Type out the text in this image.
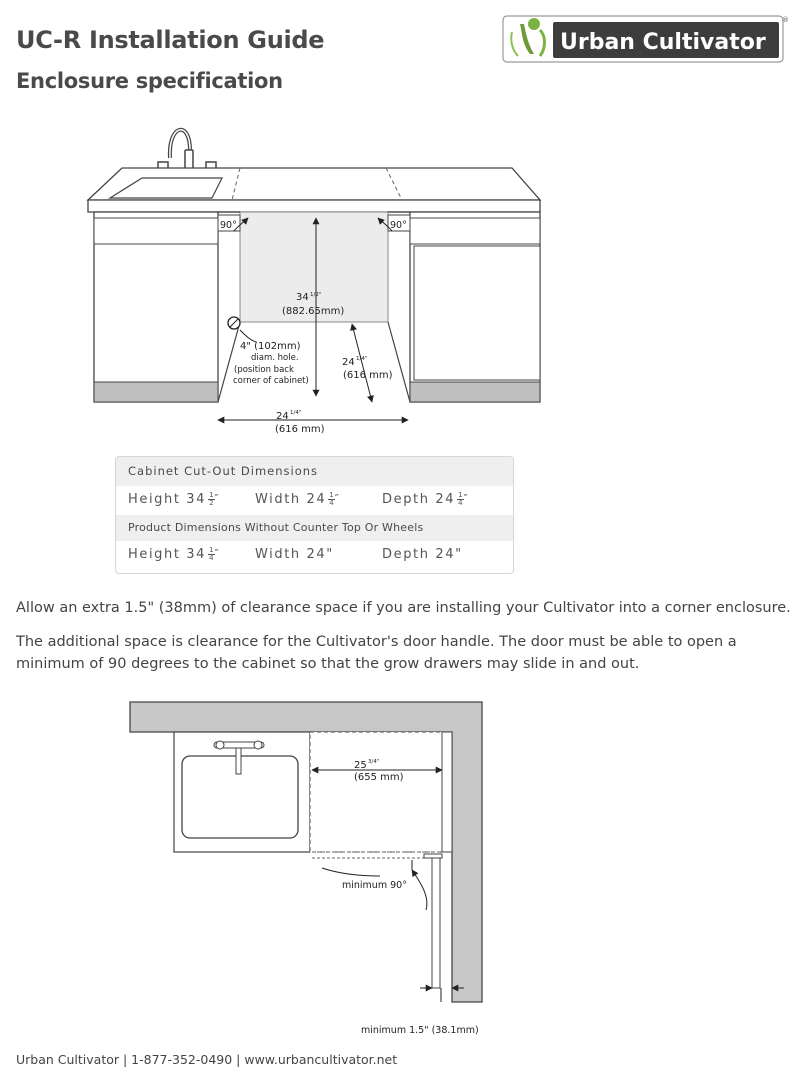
UC-R Installation Guide
Enclosure specification
Urban Cultivator
®
90°	90°
34 1/2"
(882.65mm)
4" (102mm)
diam. hole.
(position back
corner of cabinet)
24 1/4"
(616 mm)
24 1/4"
(616 mm)
Cabinet Cut-Out Dimensions
Height $34 \frac{1}{2} ''$	Width $24 \frac{1}{4} ''$	Depth $24 \frac{1}{4} ''$
Product Dimensions Without Counter Top Or Wheels
Height $34 \frac{1}{4} ''$	Width 24"	Depth 24"
Allow an extra 1.5" (38mm) of clearance space if you are installing your Cultivator into a corner enclosure.
The additional space is clearance for the Cultivator's door handle. The door must be able to open a minimum of 90 degrees to the cabinet so that the grow drawers may slide in and out.
25 3/4"
(655 mm)
minimum 90°
minimum 1.5" (38.1mm)
Urban Cultivator | 1-877-352-0490 | www.urbancultivator.net
